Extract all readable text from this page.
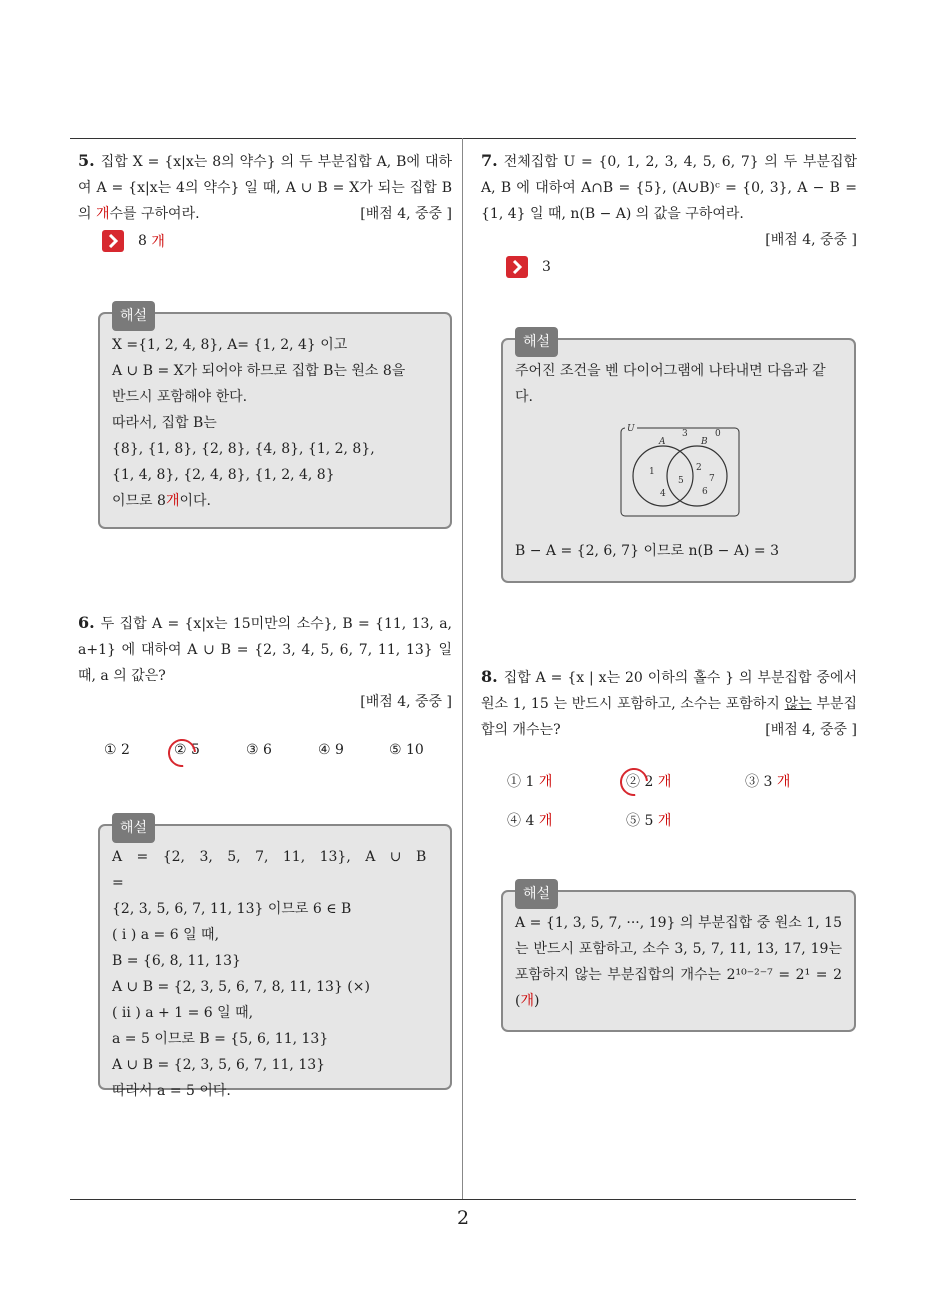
2
5. 집합 X = {x|x는 8의 약수} 의 두 부분집합 A, B에 대하여 A = {x|x는 4의 약수} 일 때, A ∪ B = X가 되는 집합 B의 개수를 구하여라.	[배점 4, 중중 ]
8
개
해설
X ={1, 2, 4, 8}, A= {1, 2, 4} 이고
A ∪ B = X가 되어야 하므로 집합 B는 원소 8을
반드시 포함해야 한다.
따라서, 집합 B는
{8}, {1, 8}, {2, 8}, {4, 8}, {1, 2, 8},
{1, 4, 8}, {2, 4, 8}, {1, 2, 4, 8}
이므로 8개이다.
6. 두 집합 A = {x|x는 15미만의 소수}, B = {11, 13, a, a+1} 에 대하여 A ∪ B = {2, 3, 4, 5, 6, 7, 11, 13} 일 때, a 의 값은?
[배점 4, 중중 ]
① 2	② 5	③ 6	④ 9	⑤ 10
해설
A = {2, 3, 5, 7, 11, 13}, A ∪ B =
{2, 3, 5, 6, 7, 11, 13} 이므로 6 ∈ B
( i ) a = 6 일 때,
B = {6, 8, 11, 13}
A ∪ B = {2, 3, 5, 6, 7, 8, 11, 13} (×)
( ii ) a + 1 = 6 일 때,
a = 5 이므로 B = {5, 6, 11, 13}
A ∪ B = {2, 3, 5, 6, 7, 11, 13}
따라서 a = 5 이다.
7. 전체집합 U = {0, 1, 2, 3, 4, 5, 6, 7} 의 두 부분집합 A, B 에 대하여 A∩B = {5}, (A∪B)ᶜ = {0, 3}, A − B = {1, 4} 일 때, n(B − A) 의 값을 구하여라.
[배점 4, 중중 ]
3
해설
주어진 조건을 벤 다이어그램에 나타내면 다음과 같다.
U
A	B
3	0
1
4
5
2
7
6
B − A = {2, 6, 7} 이므로 n(B − A) = 3
8. 집합 A = {x | x는 20 이하의 홀수 } 의 부분집합 중에서 원소 1, 15 는 반드시 포함하고, 소수는 포함하지 않는 부분집합의 개수는?	[배점 4, 중중 ]
① 1 개	② 2 개	③ 3 개
④ 4 개	⑤ 5 개
해설
A = {1, 3, 5, 7, ···, 19} 의 부분집합 중 원소 1, 15는 반드시 포함하고, 소수 3, 5, 7, 11, 13, 17, 19는 포함하지 않는 부분집합의 개수는 2¹⁰⁻²⁻⁷ = 2¹ = 2 (개)
